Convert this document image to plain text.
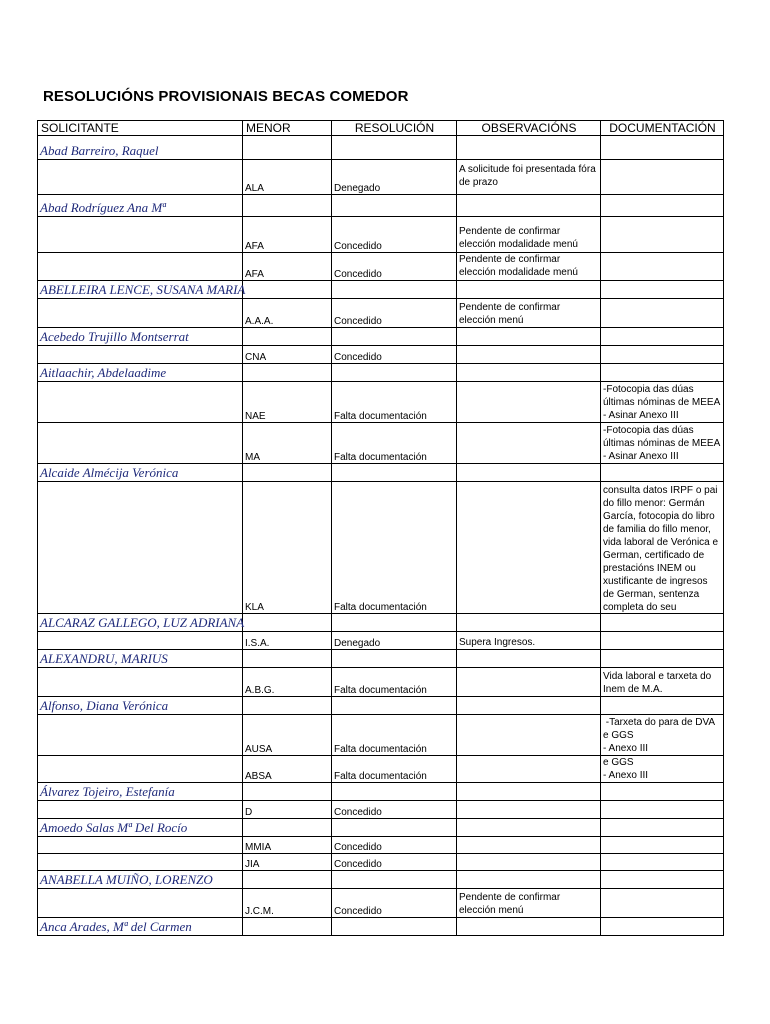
RESOLUCIÓNS PROVISIONAIS BECAS COMEDOR
SOLICITANTE	MENOR	RESOLUCIÓN	OBSERVACIÓNS	DOCUMENTACIÓN
Abad Barreiro, Raquel				
	ALA	Denegado	A solicitude foi presentada fóra de prazo	

Abad Rodríguez Ana Mª				
	AFA	Concedido	Pendente de confirmar elección modalidade menú	

	AFA	Concedido	Pendente de confirmar elección modalidade menú	

ABELLEIRA LENCE, SUSANA MARIA				
	A.A.A.	Concedido	Pendente de confirmar elección menú	

Acebedo Trujillo Montserrat				
	CNA	Concedido		
Aitlaachir, Abdelaadime				
	NAE	Falta documentación		-Fotocopia das dúas últimas nóminas de MEEA
- Asinar Anexo III

	MA	Falta documentación		-Fotocopia das dúas últimas nóminas de MEEA
- Asinar Anexo III

Alcaide Almécija Verónica				
	KLA	Falta documentación		consulta datos IRPF o pai do fillo menor: Germán García, fotocopia do libro de familia do fillo menor, vida laboral de Verónica e German, certificado de prestacións INEM ou xustificante de ingresos de German, sentenza completa do seu

ALCARAZ GALLEGO, LUZ ADRIANA				
	I.S.A.	Denegado	Supera Ingresos.	
ALEXANDRU, MARIUS				
	A.B.G.	Falta documentación		Vida laboral e tarxeta do Inem de M.A.

Alfonso, Diana Verónica				
	AUSA	Falta documentación		-Tarxeta do para de DVA e GGS
- Anexo III

	ABSA	Falta documentación		e GGS
- Anexo III

Álvarez Tojeiro, Estefanía				
	D	Concedido		
Amoedo Salas Mª Del Rocío				
	MMIA	Concedido		
	JIA	Concedido		
ANABELLA MUIÑO, LORENZO				
	J.C.M.	Concedido	Pendente de confirmar elección menú	

Anca Arades, Mª del Carmen				
